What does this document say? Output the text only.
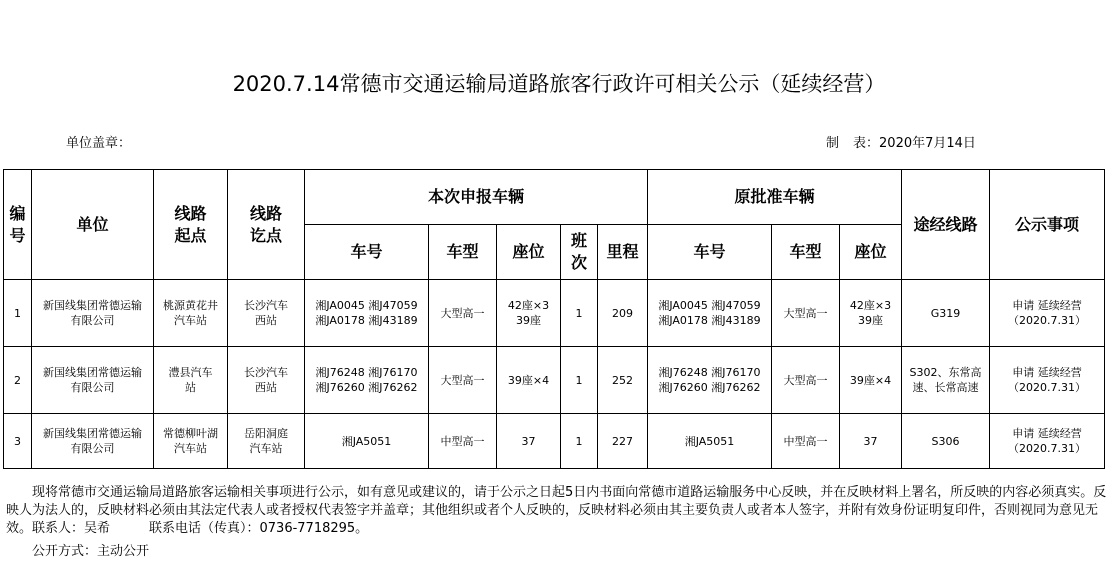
2020.7.14常德市交通运输局道路旅客行政许可相关公示（延续经营）
单位盖章：	制 表：2020年7月14日
编号	单位	线路起点	线路讫点	本次申报车辆					原批准车辆			途经线路	公示事项
				车号	车型	座位	班次	里程	车号	车型	座位		
1	新国线集团常德运输有限公司	桃源黄花井汽车站	长沙汽车西站	湘JA0045 湘J47059 湘JA0178 湘J43189	大型高一	42座×3 39座	1	209	湘JA0045 湘J47059 湘JA0178 湘J43189	大型高一	42座×3 39座	G319	申请 延续经营 （2020.7.31）
2	新国线集团常德运输有限公司	澧县汽车站	长沙汽车西站	湘J76248 湘J76170 湘J76260 湘J76262	大型高一	39座×4	1	252	湘J76248 湘J76170 湘J76260 湘J76262	大型高一	39座×4	S302、东常高速、长常高速	申请 延续经营 （2020.7.31）
3	新国线集团常德运输有限公司	常德柳叶湖汽车站	岳阳洞庭汽车站	湘JA5051	中型高一	37	1	227	湘JA5051	中型高一	37	S306	申请 延续经营 （2020.7.31）

现将常德市交通运输局道路旅客运输相关事项进行公示，如有意见或建议的，请于公示之日起5日内书面向常德市道路运输服务中心反映，并在反映材料上署名，所反映的内容必须真实。反映人为法人的，反映材料必须由其法定代表人或者授权代表签字并盖章；其他组织或者个人反映的，反映材料必须由其主要负责人或者本人签字，并附有效身份证明复印件，否则视同为意见无效。联系人：吴希　　　联系电话（传真）：0736-7718295。

公开方式：主动公开
